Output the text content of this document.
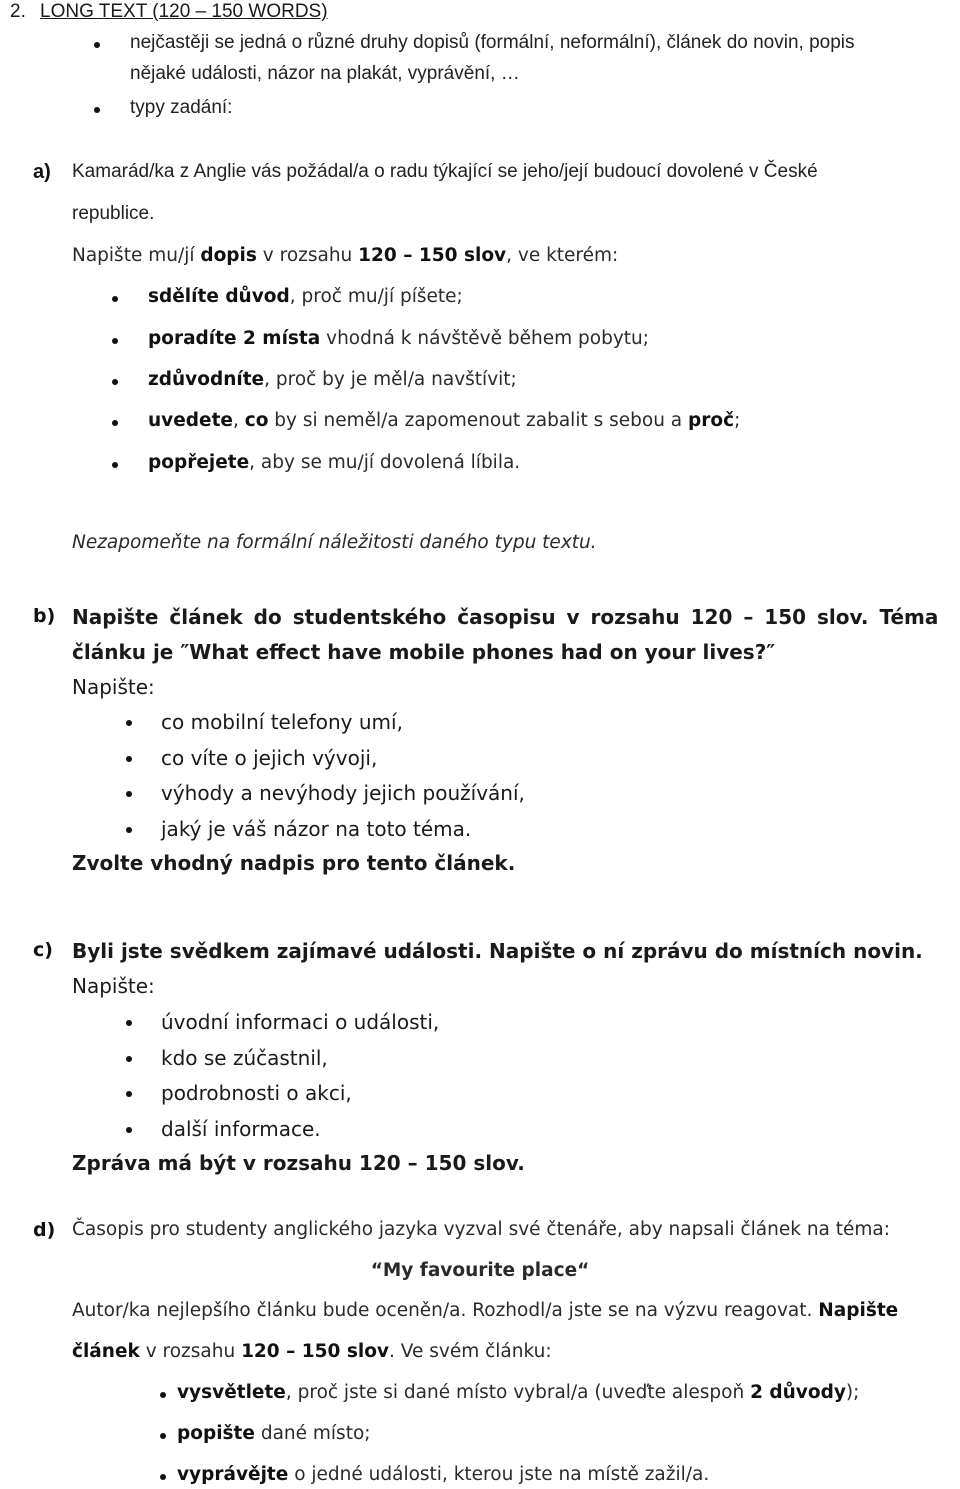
2. LONG TEXT (120 – 150 WORDS)
nejčastěji se jedná o různé druhy dopisů (formální, neformální), článek do novin, popis
nějaké události, názor na plakát, vyprávění, …
typy zadání:
a) Kamarád/ka z Anglie vás požádal/a o radu týkající se jeho/její budoucí dovolené v České
republice.
Napište mu/jí dopis v rozsahu 120 – 150 slov, ve kterém:
sdělíte důvod, proč mu/jí píšete;
poradíte 2 místa vhodná k návštěvě během pobytu;
zdůvodníte, proč by je měl/a navštívit;
uvedete, co by si neměl/a zapomenout zabalit s sebou a proč;
popřejete, aby se mu/jí dovolená líbila.
Nezapomeňte na formální náležitosti daného typu textu.
b) Napište článek do studentského časopisu v rozsahu 120 – 150 slov. Téma
článku je ″What effect have mobile phones had on your lives?″
Napište:
co mobilní telefony umí,
co víte o jejich vývoji,
výhody a nevýhody jejich používání,
jaký je váš názor na toto téma.
Zvolte vhodný nadpis pro tento článek.
c) Byli jste svědkem zajímavé události. Napište o ní zprávu do místních novin.
Napište:
úvodní informaci o události,
kdo se zúčastnil,
podrobnosti o akci,
další informace.
Zpráva má být v rozsahu 120 – 150 slov.
d) Časopis pro studenty anglického jazyka vyzval své čtenáře, aby napsali článek na téma:
“My favourite place“
Autor/ka nejlepšího článku bude oceněn/a. Rozhodl/a jste se na výzvu reagovat. Napište
článek v rozsahu 120 – 150 slov. Ve svém článku:
vysvětlete, proč jste si dané místo vybral/a (uveďte alespoň 2 důvody);
popište dané místo;
vyprávějte o jedné události, kterou jste na místě zažil/a.
